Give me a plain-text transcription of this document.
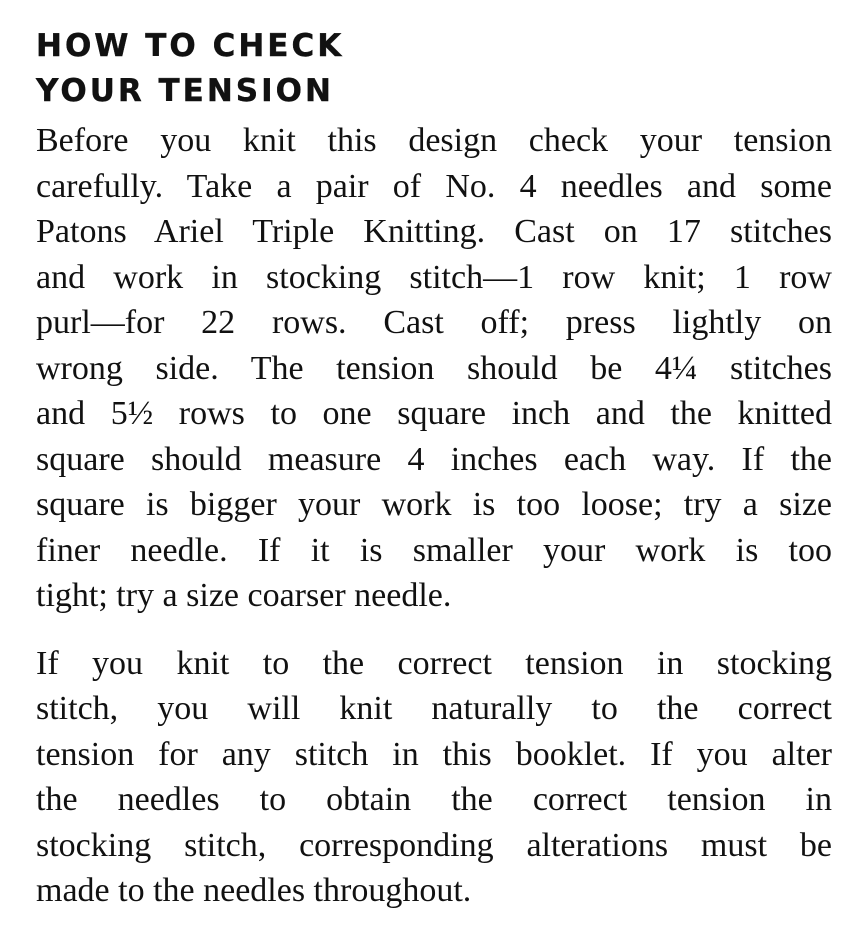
HOW TO CHECK
YOUR TENSION

Before you knit this design check your tension
carefully. Take a pair of No. 4 needles and some
Patons Ariel Triple Knitting. Cast on 17 stitches
and work in stocking stitch—1 row knit; 1 row
purl—for 22 rows. Cast off; press lightly on
wrong side. The tension should be 4¼ stitches
and 5½ rows to one square inch and the knitted
square should measure 4 inches each way. If the
square is bigger your work is too loose; try a size
finer needle. If it is smaller your work is too
tight; try a size coarser needle.

If you knit to the correct tension in stocking
stitch, you will knit naturally to the correct
tension for any stitch in this booklet. If you alter
the needles to obtain the correct tension in
stocking stitch, corresponding alterations must be
made to the needles throughout.
